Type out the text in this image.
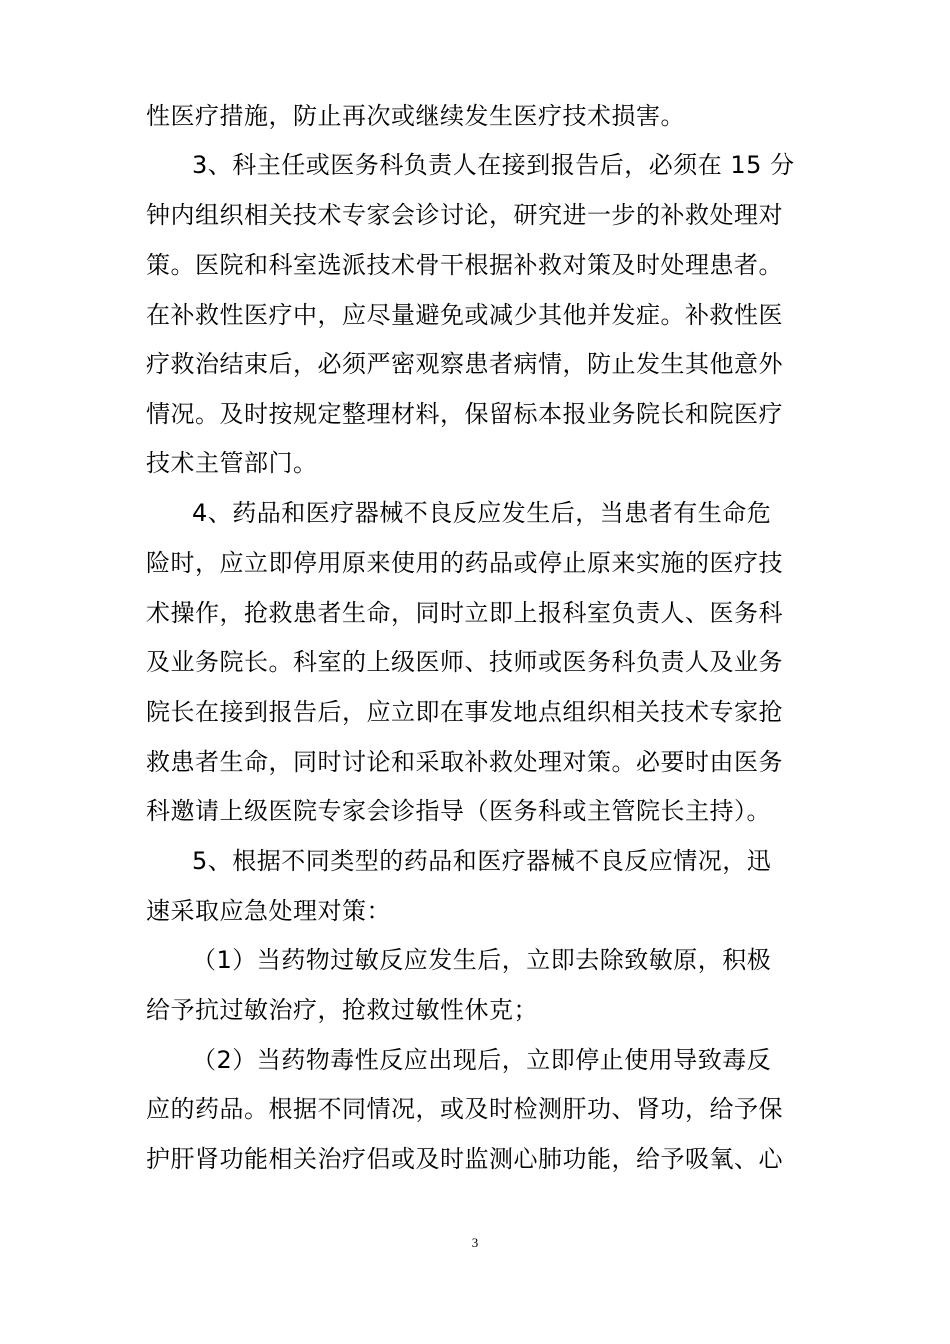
性医疗措施，防止再次或继续发生医疗技术损害。
3、科主任或医务科负责人在接到报告后，必须在 15 分
钟内组织相关技术专家会诊讨论，研究进一步的补救处理对
策。医院和科室选派技术骨干根据补救对策及时处理患者。
在补救性医疗中，应尽量避免或减少其他并发症。补救性医
疗救治结束后，必须严密观察患者病情，防止发生其他意外
情况。及时按规定整理材料，保留标本报业务院长和院医疗
技术主管部门。
4、药品和医疗器械不良反应发生后，当患者有生命危
险时，应立即停用原来使用的药品或停止原来实施的医疗技
术操作，抢救患者生命，同时立即上报科室负责人、医务科
及业务院长。科室的上级医师、技师或医务科负责人及业务
院长在接到报告后，应立即在事发地点组织相关技术专家抢
救患者生命，同时讨论和采取补救处理对策。必要时由医务
科邀请上级医院专家会诊指导（医务科或主管院长主持）。
5、根据不同类型的药品和医疗器械不良反应情况，迅
速采取应急处理对策：
（1）当药物过敏反应发生后，立即去除致敏原，积极
给予抗过敏治疗，抢救过敏性休克；
（2）当药物毒性反应出现后，立即停止使用导致毒反
应的药品。根据不同情况，或及时检测肝功、肾功，给予保
护肝肾功能相关治疗侣或及时监测心肺功能，给予吸氧、心
3
